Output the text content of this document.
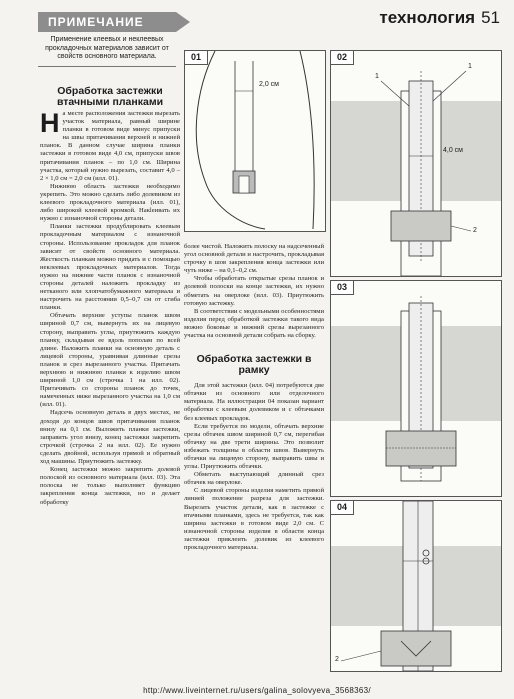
ПРИМЕЧАНИЕ
Применение клеевых и неклеевых прокладочных материалов зависит от свойств основного материала.
технология 51
Обработка застежки втачными планками

На месте расположения застежки вырезать участок материала, равный ширине планки в готовом виде минус припуски на швы притачивания верхней и нижней планок. В данном случае ширина планки застежки в готовом виде 4,0 см, припуски швов притачивания планок – по 1,0 см. Ширина участка, который нужно вырезать, составит 4,0 – 2 × 1,0 см = 2,0 см (илл. 01).

Нижнюю область застежки необходимо укрепить. Это можно сделать либо долевиком из клеевого прокладочного материала (илл. 01), либо широкой клеевой кромкой. Накleивать их нужно с изнаночной стороны детали.

Планки застежки продублировать клеевым прокладочным материалом с изнаночной стороны. Использование прокладок для планок зависит от свойств основного материала. Жесткость планкам можно придать и с помощью неклеевых прокладочных материалов. Тогда нужно на нижние части планок с изнаночной стороны деталей наложить прокладку из нетканого или хлопчатобумажного материала и настрочить на расстоянии 0,5–0,7 см от сгиба планки.

Обтачать верхние уступы планок швом шириной 0,7 см, вывернуть их на лицевую сторону, выправить углы, приутюжить каждую планку, складывая ее вдоль пополам по всей длине. Наложить планки на основную деталь с лицевой стороны, уравнивая длинные срезы планок и срез вырезанного участка. Притачать верхнюю и нижнюю планки к изделию швом шириной 1,0 см (строчка 1 на илл. 02). Притачивать со стороны планок до точек, намеченных ниже вырезанного участка на 1,0 см (илл. 01).

Надсечь основную деталь в двух местах, не доходя до концов швов притачивания планок внизу на 0,1 см. Выложить планки застежки, заправить угол внизу, конец застежки закрепить строчкой (строчка 2 на илл. 02). Ее нужно сделать двойной, используя прямой и обратный ход машины. Приутюжить застежку.

Конец застежки можно закрепить долевой полоской из основного материала (илл. 03). Эта полоска не только выполняет функцию закрепления конца застежки, но и делает обработку

более чистой. Наложить полоску на надсеченный угол основной детали и настрочить, прокладывая строчку в шов закрепления конца застежки или чуть ниже – на 0,1–0,2 см.

Чтобы обработать открытые срезы планок и долевой полоски на конце застежки, их нужно обметать на оверлоке (илл. 03). Приутюжить готовую застежку.

В соответствии с модельными особенностями изделия перед обработкой застежки такого вида можно боковые и нижний срезы вырезанного участка на основной детали собрать на сборку.

Обработка застежки в рамку

Для этой застежки (илл. 04) потребуются две обтачки из основного или отделочного материала. На иллюстрации 04 показан вариант обработки с клеевым долевиком и с обтачками без клеевых прокладок.

Если требуется по модели, обтачать верхние срезы обтачек швом шириной 0,7 см, перегибая обтачку на две трети ширины. Это позволит избежать толщины в области швов. Вывернуть обтачки на лицевую сторону, выправить швы и углы. Приутюжить обтачки.

Обметать выступающий длинный срез обтачек на оверлоке.

С лицевой стороны изделия наметить прямой линией положение разреза для застежки. Вырезать участок детали, как в застежке с втачными планками, здесь не требуется, так как ширина застежки в готовом виде 2,0 см. С изнаночной стороны изделия в области конца застежки приклеить долевик из клеевого прокладочного материала.

01
2,0 см
02
1
1
2
4,0 см
03
04
2
http://www.liveinternet.ru/users/galina_solovyeva_3568363/
